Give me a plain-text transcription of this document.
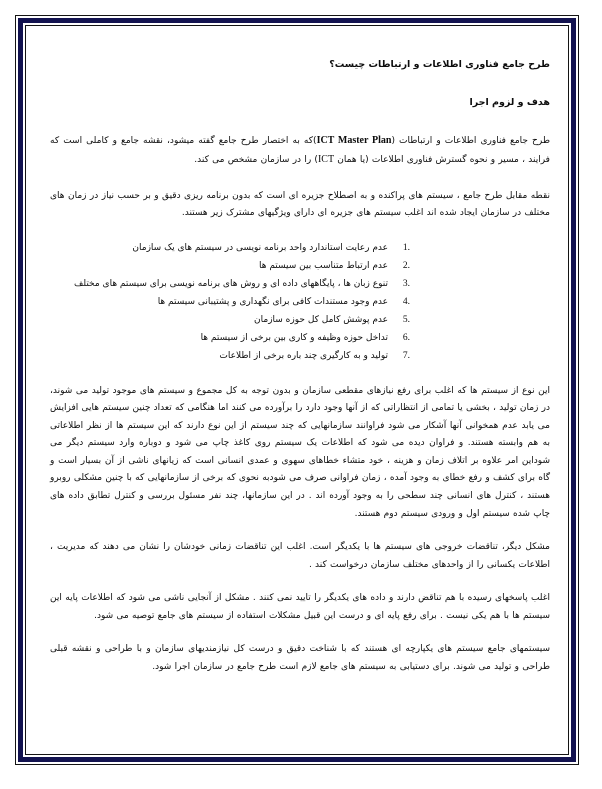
طرح جامع فناوری اطلاعات و ارتباطات چیست؟
هدف و لزوم اجرا

طرح جامع فناوری اطلاعات و ارتباطات (ICT Master Plan)که به اختصار طرح جامع گفته میشود، نقشه جامع و کاملی است که فرایند ، مسیر و نحوه گسترش فناوری اطلاعات (یا همان ICT) را در سازمان مشخص می کند.

نقطه مقابل طرح جامع ، سیستم های پراکنده و به اصطلاح جزیره ای است که بدون برنامه ریزی دقیق و بر حسب نیاز در زمان های مختلف در سازمان ایجاد شده اند اغلب سیستم های جزیره ای دارای ویژگیهای مشترک زیر هستند.

عدم رعایت استاندارد واحد برنامه نویسی در سیستم های یک سازمان
عدم ارتباط متناسب بین سیستم ها
تنوع زبان ها ، پایگاههای داده ای و روش های برنامه نویسی برای سیستم های مختلف
عدم وجود مستندات کافی برای نگهداری و پشتیبانی سیستم ها
عدم پوشش کامل کل حوزه سازمان
تداخل حوزه وظیفه و کاری بین برخی از سیستم ها
تولید و به کارگیری چند باره برخی از اطلاعات

این نوع از سیستم ها که اغلب برای رفع نیازهای مقطعی سازمان و بدون توجه به کل مجموع و سیستم های موجود تولید می شوند، در زمان تولید ، بخشی یا تمامی از انتظاراتی که از آنها وجود دارد را برآورده می کنند اما هنگامی که تعداد چنین سیستم هایی افزایش می یابد عدم همخوانی آنها آشکار می شود فراوانند سازمانهایی که چند سیستم از این نوع دارند که این سیستم ها از نظر اطلاعاتی به هم وابسته هستند. و فراوان دیده می شود که اطلاعات یک سیستم روی کاغذ چاپ می شود و دوباره وارد سیستم دیگر می شوداین امر علاوه بر اتلاف زمان و هزینه ، خود متشاء خطاهای سهوی و عمدی انسانی است که زیانهای ناشی از آن بسیار است و گاه برای کشف و رفع خطای به وجود آمده ، زمان فراوانی صرف می شودبه نحوی که برخی از سازمانهایی که با چنین مشکلی روبرو هستند ، کنترل های انسانی چند سطحی را به وجود آورده اند . در این سازمانها، چند نفر مسئول بررسی و کنترل تطابق داده های چاپ شده سیستم اول و ورودی سیستم دوم هستند.

مشکل دیگر، تناقضات خروجی های سیستم ها با یکدیگر است. اغلب این تناقضات زمانی خودشان را نشان می دهند که مدیریت ، اطلاعات یکسانی را از واحدهای مختلف سازمان درخواست کند .

اغلب پاسخهای رسیده با هم تناقض دارند و داده های یکدیگر را تایید نمی کنند . مشکل از آنجایی ناشی می شود که اطلاعات پایه این سیستم ها با هم یکی نیست . برای رفع پایه ای و درست این قبیل مشکلات استفاده از سیستم های جامع توصیه می شود.

سیستمهای جامع سیستم های یکپارچه ای هستند که با شناخت دقیق و درست کل نیازمندیهای سازمان و با طراحی و نقشه قبلی طراحی و تولید می شوند. برای دستیابی به سیستم های جامع لازم است طرح جامع در سازمان اجرا شود.
